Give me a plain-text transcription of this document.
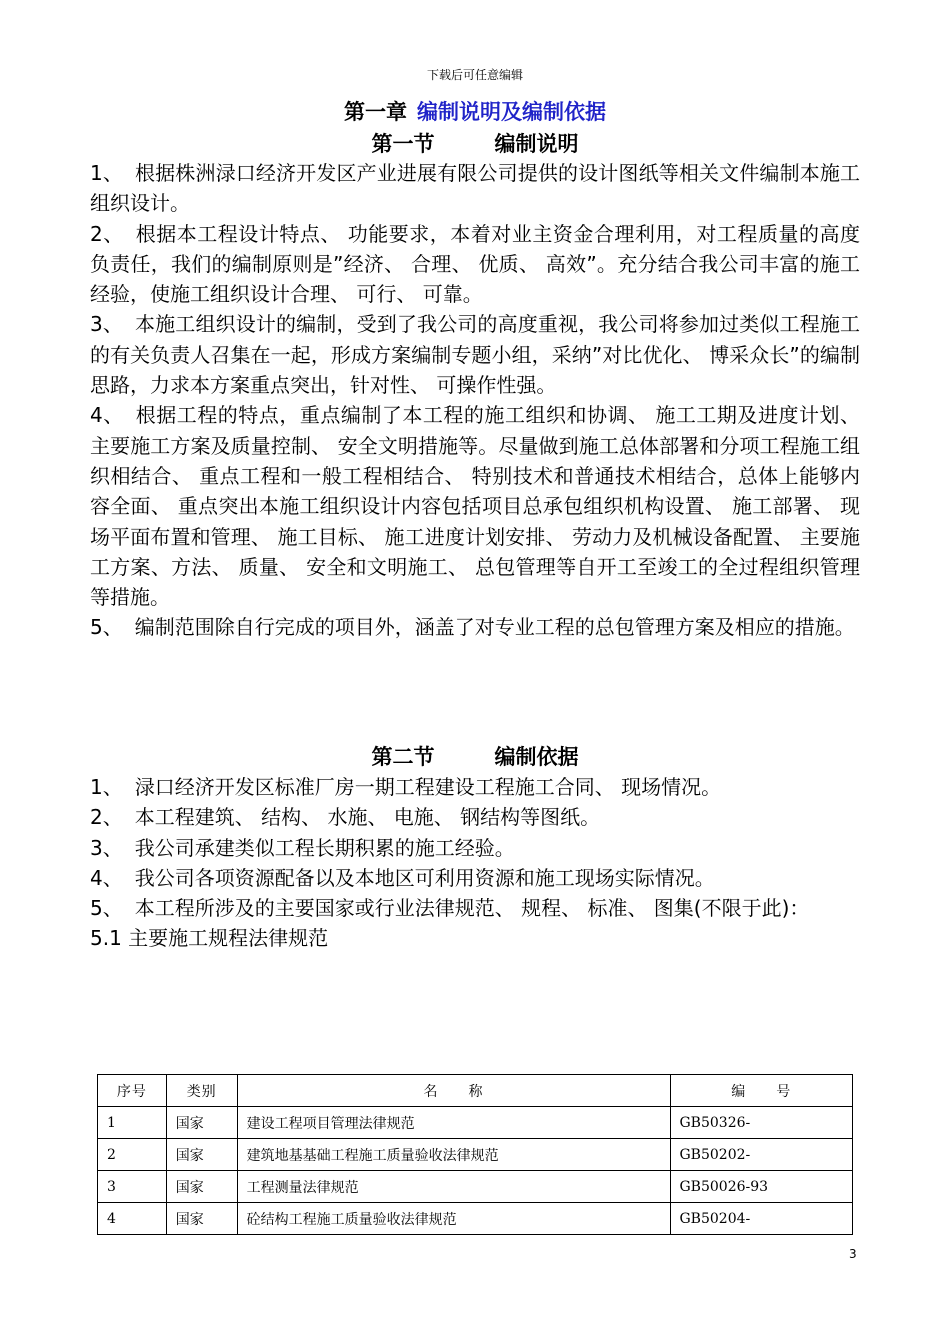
下载后可任意编辑
第一章 编制说明及编制依据
第一节	编制说明

1、 根据株洲渌口经济开发区产业进展有限公司提供的设计图纸等相关文件编制本施工组织设计。

2、 根据本工程设计特点、 功能要求，本着对业主资金合理利用，对工程质量的高度负责任，我们的编制原则是”经济、 合理、 优质、 高效”。充分结合我公司丰富的施工经验，使施工组织设计合理、 可行、 可靠。

3、 本施工组织设计的编制，受到了我公司的高度重视，我公司将参加过类似工程施工的有关负责人召集在一起，形成方案编制专题小组，采纳”对比优化、 博采众长”的编制思路，力求本方案重点突出，针对性、 可操作性强。

4、 根据工程的特点，重点编制了本工程的施工组织和协调、 施工工期及进度计划、 主要施工方案及质量控制、 安全文明措施等。尽量做到施工总体部署和分项工程施工组织相结合、 重点工程和一般工程相结合、 特别技术和普通技术相结合，总体上能够内容全面、 重点突出本施工组织设计内容包括项目总承包组织机构设置、 施工部署、 现场平面布置和管理、 施工目标、 施工进度计划安排、 劳动力及机械设备配置、 主要施工方案、方法、 质量、 安全和文明施工、 总包管理等自开工至竣工的全过程组织管理等措施。

5、 编制范围除自行完成的项目外，涵盖了对专业工程的总包管理方案及相应的措施。

第二节	编制依据

1、 渌口经济开发区标准厂房一期工程建设工程施工合同、 现场情况。

2、 本工程建筑、 结构、 水施、 电施、 钢结构等图纸。

3、 我公司承建类似工程长期积累的施工经验。

4、 我公司各项资源配备以及本地区可利用资源和施工现场实际情况。

5、 本工程所涉及的主要国家或行业法律规范、 规程、 标准、 图集(不限于此)：

5.1 主要施工规程法律规范

序号	类别	名　　称	编　　号
1	国家	建设工程项目管理法律规范	GB50326-
2	国家	建筑地基基础工程施工质量验收法律规范	GB50202-
3	国家	工程测量法律规范	GB50026-93
4	国家	砼结构工程施工质量验收法律规范	GB50204-
3
